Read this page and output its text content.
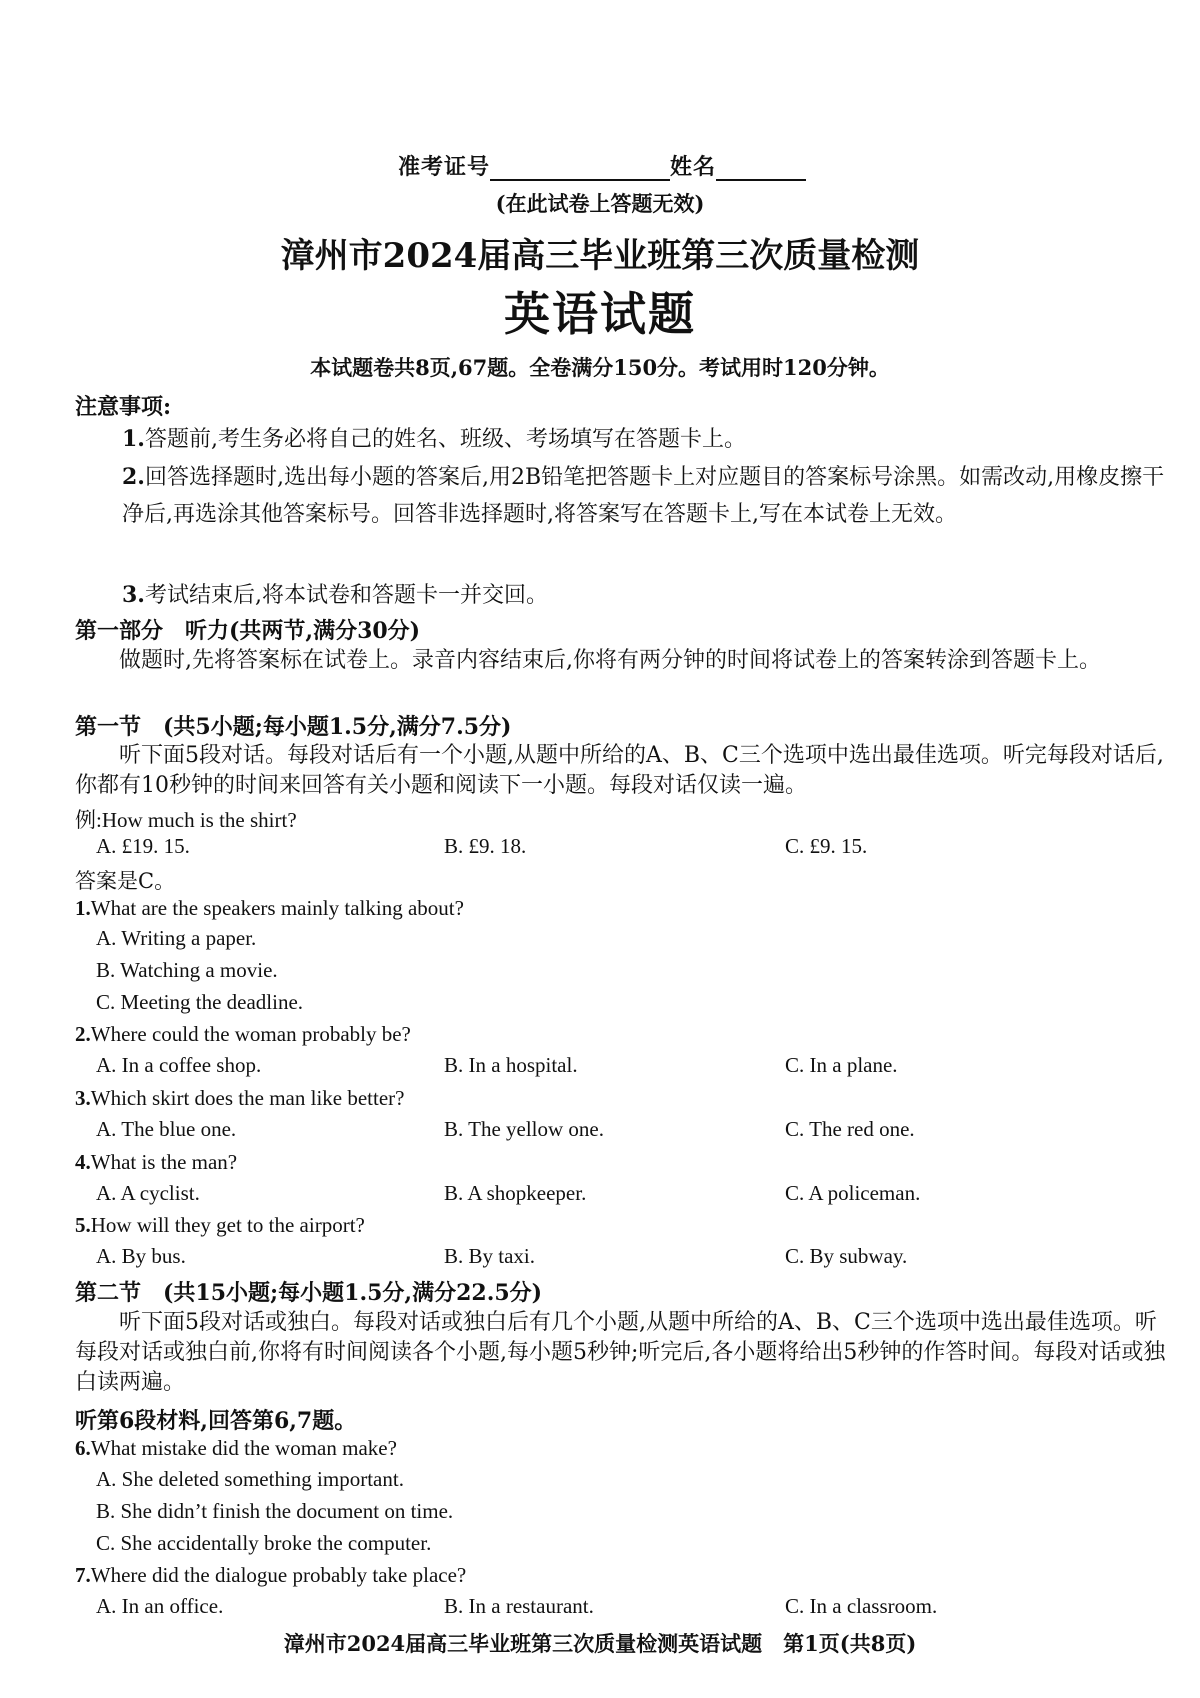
准考证号	姓名
(在此试卷上答题无效)
漳州市2024届高三毕业班第三次质量检测
英语试题
本试题卷共8页,67题。全卷满分150分。考试用时120分钟。
注意事项:
1.答题前,考生务必将自己的姓名、班级、考场填写在答题卡上。
2.回答选择题时,选出每小题的答案后,用2B铅笔把答题卡上对应题目的答案标号涂黑。如需改动,用橡皮擦干净后,再选涂其他答案标号。回答非选择题时,将答案写在答题卡上,写在本试卷上无效。
3.考试结束后,将本试卷和答题卡一并交回。
第一部分　听力(共两节,满分30分)
做题时,先将答案标在试卷上。录音内容结束后,你将有两分钟的时间将试卷上的答案转涂到答题卡上。
第一节　(共5小题;每小题1.5分,满分7.5分)
听下面5段对话。每段对话后有一个小题,从题中所给的A、B、C三个选项中选出最佳选项。听完每段对话后,你都有10秒钟的时间来回答有关小题和阅读下一小题。每段对话仅读一遍。
例:How much is the shirt?
A. £19. 15.	B. £9. 18.	C. £9. 15.
答案是C。
1.What are the speakers mainly talking about?
A. Writing a paper.
B. Watching a movie.
C. Meeting the deadline.
2.Where could the woman probably be?
A. In a coffee shop.	B. In a hospital.	C. In a plane.
3.Which skirt does the man like better?
A. The blue one.	B. The yellow one.	C. The red one.
4.What is the man?
A. A cyclist.	B. A shopkeeper.	C. A policeman.
5.How will they get to the airport?
A. By bus.	B. By taxi.	C. By subway.
第二节　(共15小题;每小题1.5分,满分22.5分)
听下面5段对话或独白。每段对话或独白后有几个小题,从题中所给的A、B、C三个选项中选出最佳选项。听每段对话或独白前,你将有时间阅读各个小题,每小题5秒钟;听完后,各小题将给出5秒钟的作答时间。每段对话或独白读两遍。
听第6段材料,回答第6,7题。
6.What mistake did the woman make?
A. She deleted something important.
B. She didn’t finish the document on time.
C. She accidentally broke the computer.
7.Where did the dialogue probably take place?
A. In an office.	B. In a restaurant.	C. In a classroom.
漳州市2024届高三毕业班第三次质量检测英语试题　第1页(共8页)
